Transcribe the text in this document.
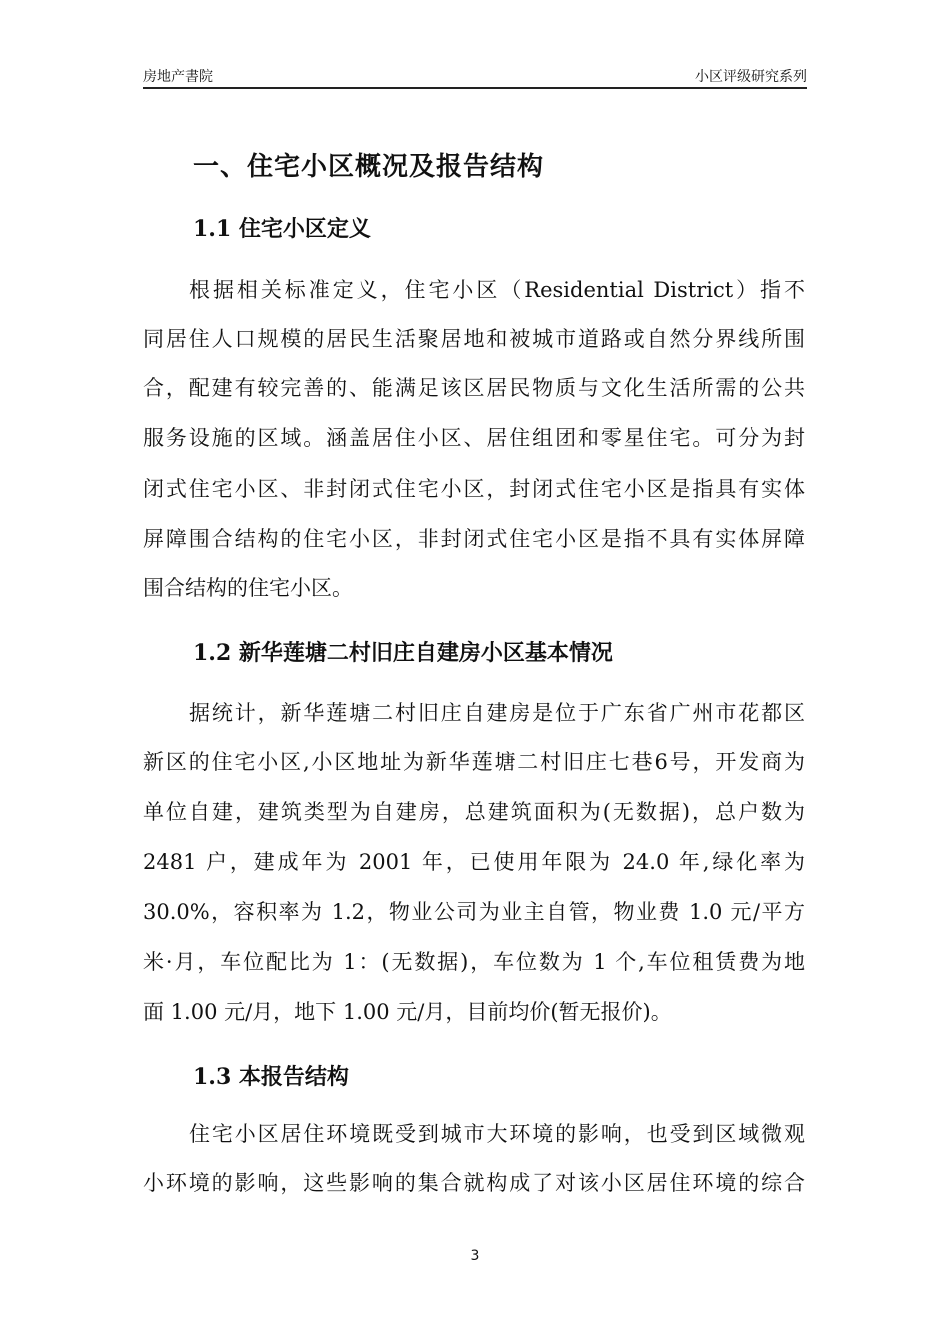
房地产書院	小区评级研究系列
一、住宅小区概况及报告结构
1.1 住宅小区定义
根据相关标准定义，住宅小区（Residential District）指不
同居住人口规模的居民生活聚居地和被城市道路或自然分界线所围
合，配建有较完善的、能满足该区居民物质与文化生活所需的公共
服务设施的区域。涵盖居住小区、居住组团和零星住宅。可分为封
闭式住宅小区、非封闭式住宅小区，封闭式住宅小区是指具有实体
屏障围合结构的住宅小区，非封闭式住宅小区是指不具有实体屏障
围合结构的住宅小区。
1.2 新华莲塘二村旧庄自建房小区基本情况
据统计，新华莲塘二村旧庄自建房是位于广东省广州市花都区
新区的住宅小区,小区地址为新华莲塘二村旧庄七巷6号，开发商为
单位自建，建筑类型为自建房，总建筑面积为(无数据)，总户数为
2481 户，建成年为 2001 年，已使用年限为 24.0 年,绿化率为
30.0%，容积率为 1.2，物业公司为业主自管，物业费 1.0 元/平方
米·月，车位配比为 1：(无数据)，车位数为 1 个,车位租赁费为地
面 1.00 元/月，地下 1.00 元/月，目前均价(暂无报价)。
1.3 本报告结构
住宅小区居住环境既受到城市大环境的影响，也受到区域微观
小环境的影响，这些影响的集合就构成了对该小区居住环境的综合
3
